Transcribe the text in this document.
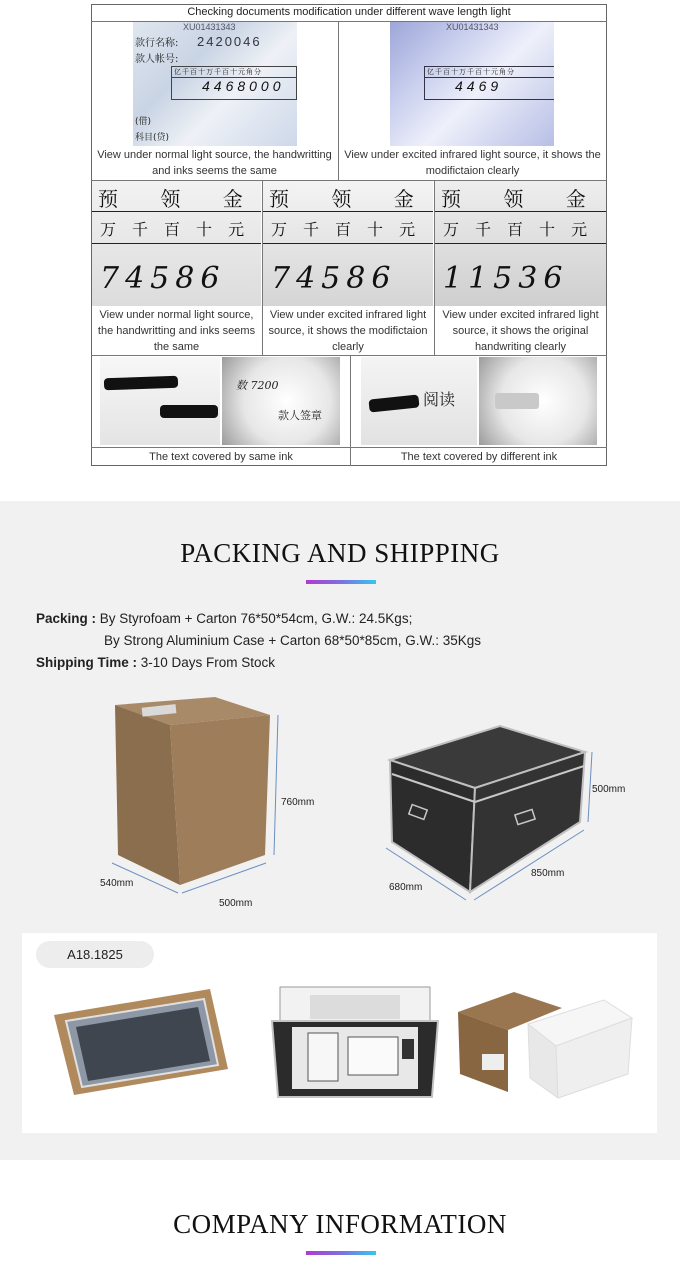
Checking documents modification under different wave length light
XU01431343
款行名称: 2420046
款人帐号:
亿千百十万千百十元角分
4468000
(借)
科目(贷)
XU01431343
亿千百十万千百十元角分
4469
View under normal light source, the handwritting and inks seems the same
View under excited infrared light source, it shows the modifictaion clearly
预 领 金
万千百十元
74586
预 领 金
万千百十元
74586
预 领 金
万千百十元
11536
View under normal light source, the handwritting and inks seems the same
View under excited infrared light source, it shows the modifictaion clearly
View under excited infrared light source, it shows the original handwriting clearly
数 7200
款人签章
阅读
The text covered by same ink	The text covered by different ink
PACKING AND SHIPPING
Packing : By Styrofoam + Carton 76*50*54cm, G.W.: 24.5Kgs;
By Strong Aluminium Case + Carton 68*50*85cm, G.W.: 35Kgs
Shipping Time : 3-10 Days From Stock
760mm
540mm
500mm
500mm
680mm
850mm
A18.1825
COMPANY INFORMATION
